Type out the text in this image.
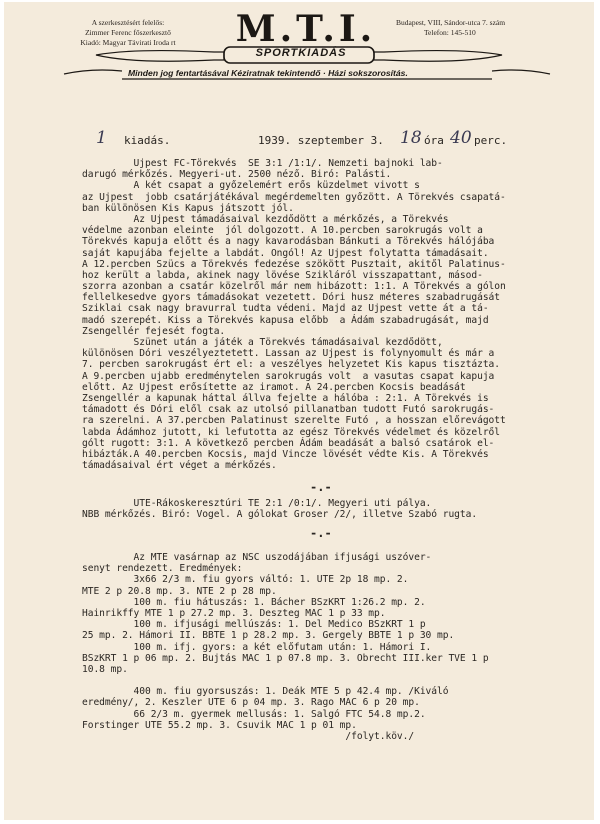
A szerkesztésért felelős:
Zimmer Ferenc főszerkesztő
Kiadó: Magyar Távirati Iroda rt	M.T.I.	Budapest, VIII, Sándor-utca 7. szám
Telefon: 145-510
SPORTKIADÁS
Minden jog fentartásával Kéziratnak tekintendő · Házi sokszorosítás.
1 kiadás.	1939. szeptember 3. 18 óra 40 perc.
Ujpest FC-Törekvés  SE 3:1 /1:1/. Nemzeti bajnoki lab-
darugó mérkőzés. Megyeri-ut. 2500 néző. Biró: Palásti.
A két csapat a győzelemért erős küzdelmet vivott s
az Ujpest  jobb csatárjátékával megérdemelten győzött. A Törekvés csapatá-
ban különösen Kis Kapus játszott jól.
Az Ujpest támadásaival kezdődött a mérkőzés, a Törekvés
védelme azonban eleinte  jól dolgozott. A 10.percben sarokrugás volt a
Törekvés kapuja előtt és a nagy kavarodásban Bánkuti a Törekvés hálójába
saját kapujába fejelte a labdát. Ongól! Az Ujpest folytatta támadásait.
A 12.percben Szücs a Törekvés fedezése szökött Pusztait, akitől Palatinus-
hoz került a labda, akinek nagy lövése Szikláról visszapattant, másod-
szorra azonban a csatár közelről már nem hibázott: 1:1. A Törekvés a gólon
fellelkesedve gyors támadásokat vezetett. Dóri husz méteres szabadrugását
Sziklai csak nagy bravurral tudta védeni. Majd az Ujpest vette át a tá-
madó szerepét. Kiss a Törekvés kapusa előbb  a Ádám szabadrugását, majd
Zsengellér fejesét fogta.
Szünet után a játék a Törekvés támadásaival kezdődött,
különösen Dóri veszélyeztetett. Lassan az Ujpest is folynyomult és már a
7. percben sarokrugást ért el: a veszélyes helyzetet Kis kapus tisztázta.
A 9.percben ujabb eredménytelen sarokrugás volt  a vasutas csapat kapuja
előtt. Az Ujpest erősítette az iramot. A 24.percben Kocsis beadását
Zsengellér a kapunak háttal állva fejelte a hálóba : 2:1. A Törekvés is
támadott és Dóri elől csak az utolsó pillanatban tudott Futó sarokrugás-
ra szerelni. A 37.percben Palatinust szerelte Futó , a hosszan előrevágott
labda Ádámhoz jutott, ki lefutotta az egész Törekvés védelmet és közelről
gólt rugott: 3:1. A következő percben Ádám beadását a balsó csatárok el-
hibázták.A 40.percben Kocsis, majd Vincze lövését védte Kis. A Törekvés
támadásaival ért véget a mérkőzés.
-.-
UTE-Rákoskeresztúri TE 2:1 /0:1/. Megyeri uti pálya.
NBB mérkőzés. Biró: Vogel. A gólokat Groser /2/, illetve Szabó rugta.
-.-
Az MTE vasárnap az NSC uszodájában ifjusági uszóver-
senyt rendezett. Eredmények:
3x66 2/3 m. fiu gyors váltó: 1. UTE 2p 18 mp. 2.
MTE 2 p 20.8 mp. 3. NTE 2 p 28 mp.
100 m. fiu hátuszás: 1. Bácher BSzKRT 1:26.2 mp. 2.
Hainrikffy MTE 1 p 27.2 mp. 3. Deszteg MAC 1 p 33 mp.
100 m. ifjusági mellúszás: 1. Del Medico BSzKRT 1 p
25 mp. 2. Hámori II. BBTE 1 p 28.2 mp. 3. Gergely BBTE 1 p 30 mp.
100 m. ifj. gyors: a két előfutam után: 1. Hámori I.
BSzKRT 1 p 06 mp. 2. Bujtás MAC 1 p 07.8 mp. 3. Obrecht III.ker TVE 1 p
10.8 mp.
400 m. fiu gyorsuszás: 1. Deák MTE 5 p 42.4 mp. /Kiváló
eredmény/, 2. Keszler UTE 6 p 04 mp. 3. Rago MAC 6 p 20 mp.
66 2/3 m. gyermek mellusás: 1. Salgó FTC 54.8 mp.2.
Forstinger UTE 55.2 mp. 3. Csuvik MAC 1 p 01 mp.
/folyt.köv./
